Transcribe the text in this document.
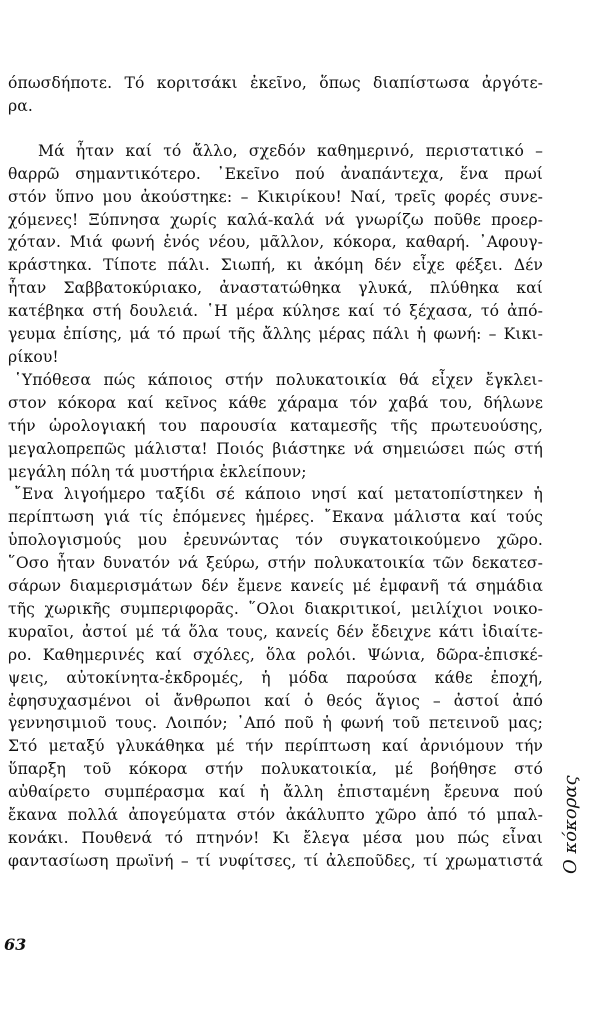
όπωσδήποτε. Τό κοριτσάκι ἐκεῖνο, ὅπως διαπίστωσα ἀργότε-
ρα.

Μά ἦταν καί τό ἄλλο, σχεδόν καθημερινό, περιστατικό –
θαρρῶ σημαντικότερο. ᾿Εκεῖνο πού ἀναπάντεχα, ἕνα πρωί
στόν ὕπνο μου ἀκούστηκε: – Κικιρίκου! Ναί, τρεῖς φορές συνε-
χόμενες! Ξύπνησα χωρίς καλά-καλά νά γνωρίζω ποῦθε προερ-
χόταν. Μιά φωνή ἑνός νέου, μᾶλλον, κόκορα, καθαρή. ᾿Αφουγ-
κράστηκα. Τίποτε πάλι. Σιωπή, κι ἀκόμη δέν εἶχε φέξει. Δέν
ἦταν Σαββατοκύριακο, ἀναστατώθηκα γλυκά, πλύθηκα καί
κατέβηκα στή δουλειά. ῾Η μέρα κύλησε καί τό ξέχασα, τό ἀπό-
γευμα ἐπίσης, μά τό πρωί τῆς ἄλλης μέρας πάλι ἡ φωνή: – Κικι-
ρίκου!

῾Υπόθεσα πώς κάποιος στήν πολυκατοικία θά εἶχεν ἔγκλει-
στον κόκορα καί κεῖνος κάθε χάραμα τόν χαβά του, δήλωνε
τήν ὡρολογιακή του παρουσία καταμεσῆς τῆς πρωτευούσης,
μεγαλοπρεπῶς μάλιστα! Ποιός βιάστηκε νά σημειώσει πώς στή
μεγάλη πόλη τά μυστήρια ἐκλείπουν;

῎Ενα λιγοήμερο ταξίδι σέ κάποιο νησί καί μετατοπίστηκεν ἡ
περίπτωση γιά τίς ἑπόμενες ἡμέρες. ῎Εκανα μάλιστα καί τούς
ὑπολογισμούς μου ἐρευνώντας τόν συγκατοικούμενο χῶρο.
῞Οσο ἦταν δυνατόν νά ξεύρω, στήν πολυκατοικία τῶν δεκατεσ-
σάρων διαμερισμάτων δέν ἔμενε κανείς μέ ἐμφανῆ τά σημάδια
τῆς χωρικῆς συμπεριφορᾶς. ῞Ολοι διακριτικοί, μειλίχιοι νοικο-
κυραῖοι, ἀστοί μέ τά ὅλα τους, κανείς δέν ἔδειχνε κάτι ἰδιαίτε-
ρο. Καθημερινές καί σχόλες, ὅλα ρολόι. Ψώνια, δῶρα-ἐπισκέ-
ψεις, αὐτοκίνητα-ἐκδρομές, ἡ μόδα παρούσα κάθε ἐποχή,
ἐφησυχασμένοι οἱ ἄνθρωποι καί ὁ θεός ἅγιος – ἀστοί ἀπό
γεννησιμιοῦ τους. Λοιπόν; ᾿Από ποῦ ἡ φωνή τοῦ πετεινοῦ μας;
Στό μεταξύ γλυκάθηκα μέ τήν περίπτωση καί ἀρνιόμουν τήν
ὕπαρξη τοῦ κόκορα στήν πολυκατοικία, μέ βοήθησε στό
αὐθαίρετο συμπέρασμα καί ἡ ἄλλη ἐπισταμένη ἔρευνα πού
ἔκανα πολλά ἀπογεύματα στόν ἀκάλυπτο χῶρο ἀπό τό μπαλ-
κονάκι. Πουθενά τό πτηνόν! Κι ἔλεγα μέσα μου πώς εἶναι
φαντασίωση πρωϊνή – τί νυφίτσες, τί ἀλεποῦδες, τί χρωματιστά Ο κόκορας
63
